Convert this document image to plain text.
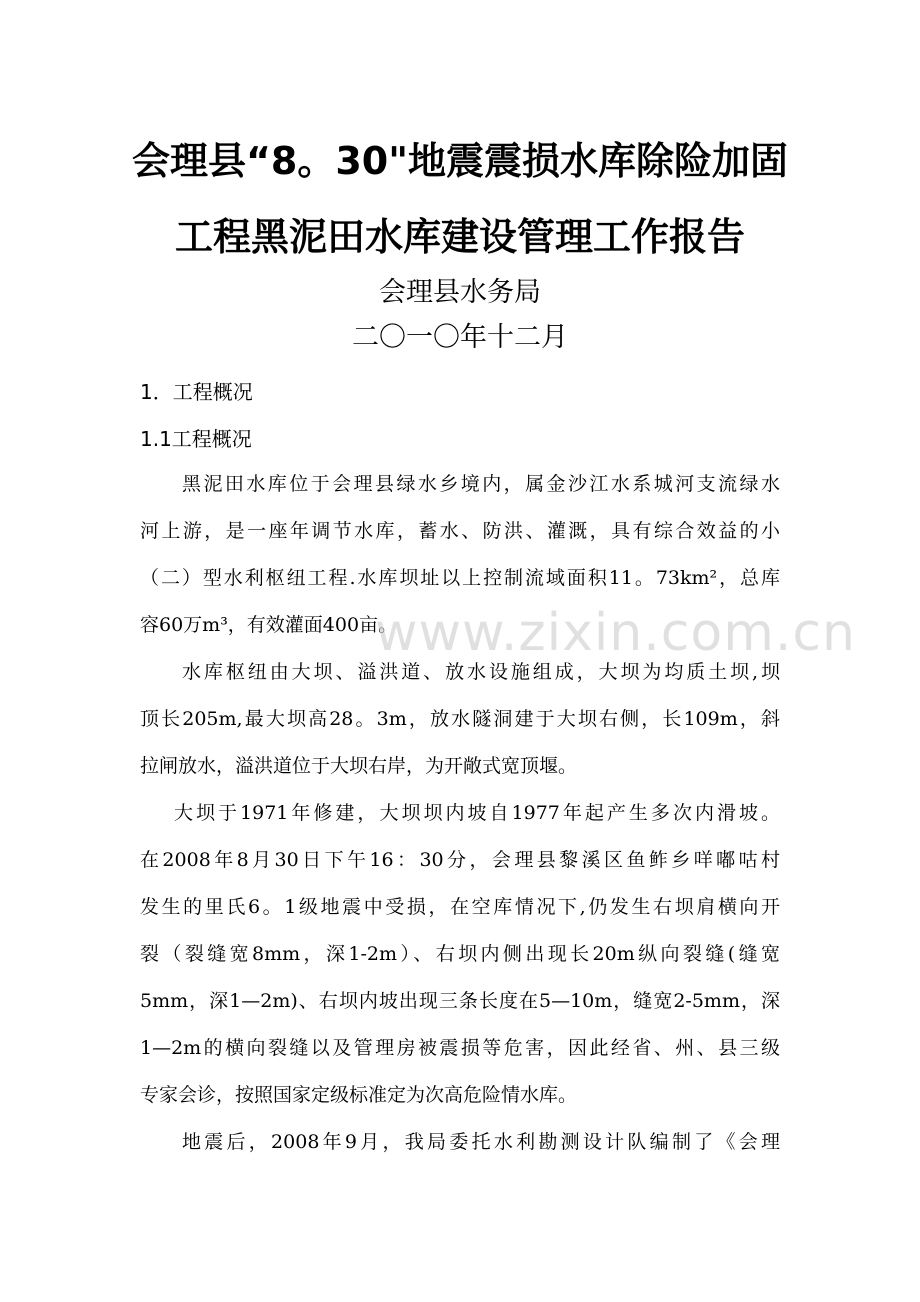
会理县“8。30"地震震损水库除险加固
工程黑泥田水库建设管理工作报告
会理县水务局
二〇一〇年十二月
1．工程概况
1.1工程概况
黑泥田水库位于会理县绿水乡境内，属金沙江水系城河支流绿水
河上游，是一座年调节水库，蓄水、防洪、灌溉，具有综合效益的小
（二）型水利枢纽工程.水库坝址以上控制流域面积11。73km²，总库
容60万m³，有效灌面400亩。
水库枢纽由大坝、溢洪道、放水设施组成，大坝为均质土坝,坝
顶长205m,最大坝高28。3m，放水隧洞建于大坝右侧，长109m，斜
拉闸放水，溢洪道位于大坝右岸，为开敞式宽顶堰。
大坝于1971年修建，大坝坝内坡自1977年起产生多次内滑坡。
在2008年8月30日下午16：30分，会理县黎溪区鱼鲊乡咩嘟咕村
发生的里氏6。1级地震中受损，在空库情况下,仍发生右坝肩横向开
裂（裂缝宽8mm，深1-2m）、右坝内侧出现长20m纵向裂缝(缝宽
5mm，深1—2m)、右坝内坡出现三条长度在5—10m，缝宽2-5mm，深
1—2m的横向裂缝以及管理房被震损等危害，因此经省、州、县三级
专家会诊，按照国家定级标准定为次高危险情水库。
地震后，2008年9月，我局委托水利勘测设计队编制了《会理
www.zixin.com.cn
